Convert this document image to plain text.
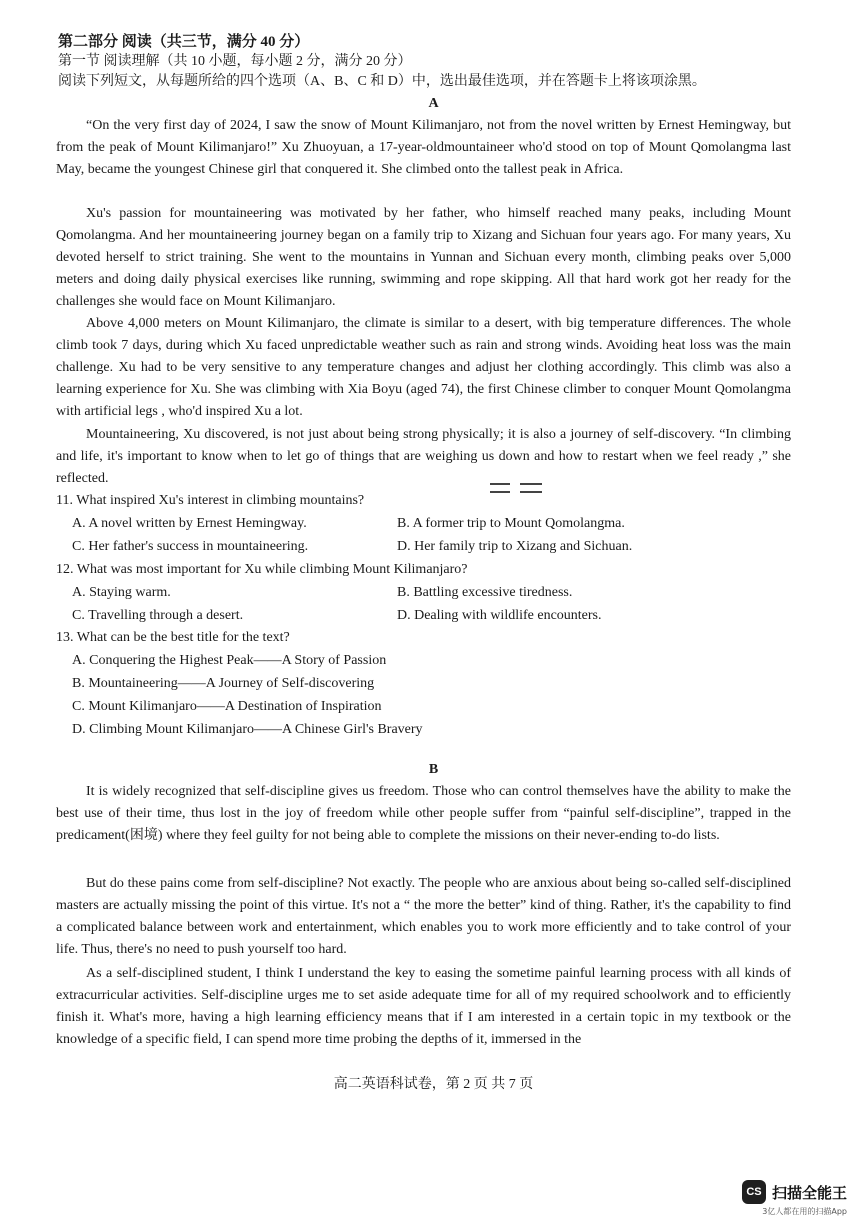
第二部分 阅读（共三节，满分 40 分）
第一节 阅读理解（共 10 小题，每小题 2 分，满分 20 分）
阅读下列短文，从每题所给的四个选项（A、B、C 和 D）中，选出最佳选项，并在答题卡上将该项涂黑。
A

“On the very first day of 2024, I saw the snow of Mount Kilimanjaro, not from the novel written by Ernest Hemingway, but from the peak of Mount Kilimanjaro!” Xu Zhuoyuan, a 17-year-oldmountaineer who'd stood on top of Mount Qomolangma last May, became the youngest Chinese girl that conquered it. She climbed onto the tallest peak in Africa.

Xu's passion for mountaineering was motivated by her father, who himself reached many peaks, including Mount Qomolangma. And her mountaineering journey began on a family trip to Xizang and Sichuan four years ago. For many years, Xu devoted herself to strict training. She went to the mountains in Yunnan and Sichuan every month, climbing peaks over 5,000 meters and doing daily physical exercises like running, swimming and rope skipping. All that hard work got her ready for the challenges she would face on Mount Kilimanjaro.

Above 4,000 meters on Mount Kilimanjaro, the climate is similar to a desert, with big temperature differences. The whole climb took 7 days, during which Xu faced unpredictable weather such as rain and strong winds. Avoiding heat loss was the main challenge. Xu had to be very sensitive to any temperature changes and adjust her clothing accordingly. This climb was also a learning experience for Xu. She was climbing with Xia Boyu (aged 74), the first Chinese climber to conquer Mount Qomolangma with artificial legs , who'd inspired Xu a lot.

Mountaineering, Xu discovered, is not just about being strong physically; it is also a journey of self-discovery. “In climbing and life, it's important to know when to let go of things that are weighing us down and how to restart when we feel ready ,” she reflected.

11. What inspired Xu's interest in climbing mountains?
A. A novel written by Ernest Hemingway.	B. A former trip to Mount Qomolangma.
C. Her father's success in mountaineering.	D. Her family trip to Xizang and Sichuan.
12. What was most important for Xu while climbing Mount Kilimanjaro?
A. Staying warm.	B. Battling excessive tiredness.
C. Travelling through a desert.	D. Dealing with wildlife encounters.
13. What can be the best title for the text?
A. Conquering the Highest Peak——A Story of Passion
B. Mountaineering——A Journey of Self-discovering
C. Mount Kilimanjaro——A Destination of Inspiration
D. Climbing Mount Kilimanjaro——A Chinese Girl's Bravery
B

It is widely recognized that self-discipline gives us freedom. Those who can control themselves have the ability to make the best use of their time, thus lost in the joy of freedom while other people suffer from “painful self-discipline”, trapped in the predicament(困境) where they feel guilty for not being able to complete the missions on their never-ending to-do lists.

But do these pains come from self-discipline? Not exactly. The people who are anxious about being so-called self-disciplined masters are actually missing the point of this virtue. It's not a “ the more the better” kind of thing. Rather, it's the capability to find a complicated balance between work and entertainment, which enables you to work more efficiently and to take control of your life. Thus, there's no need to push yourself too hard.

As a self-disciplined student, I think I understand the key to easing the sometime painful learning process with all kinds of extracurricular activities. Self-discipline urges me to set aside adequate time for all of my required schoolwork and to efficiently finish it. What's more, having a high learning efficiency means that if I am interested in a certain topic in my textbook or the knowledge of a specific field, I can spend more time probing the depths of it, immersed in the

高二英语科试卷，第 2 页 共 7 页
CS 扫描全能王
3亿人都在用的扫描App
